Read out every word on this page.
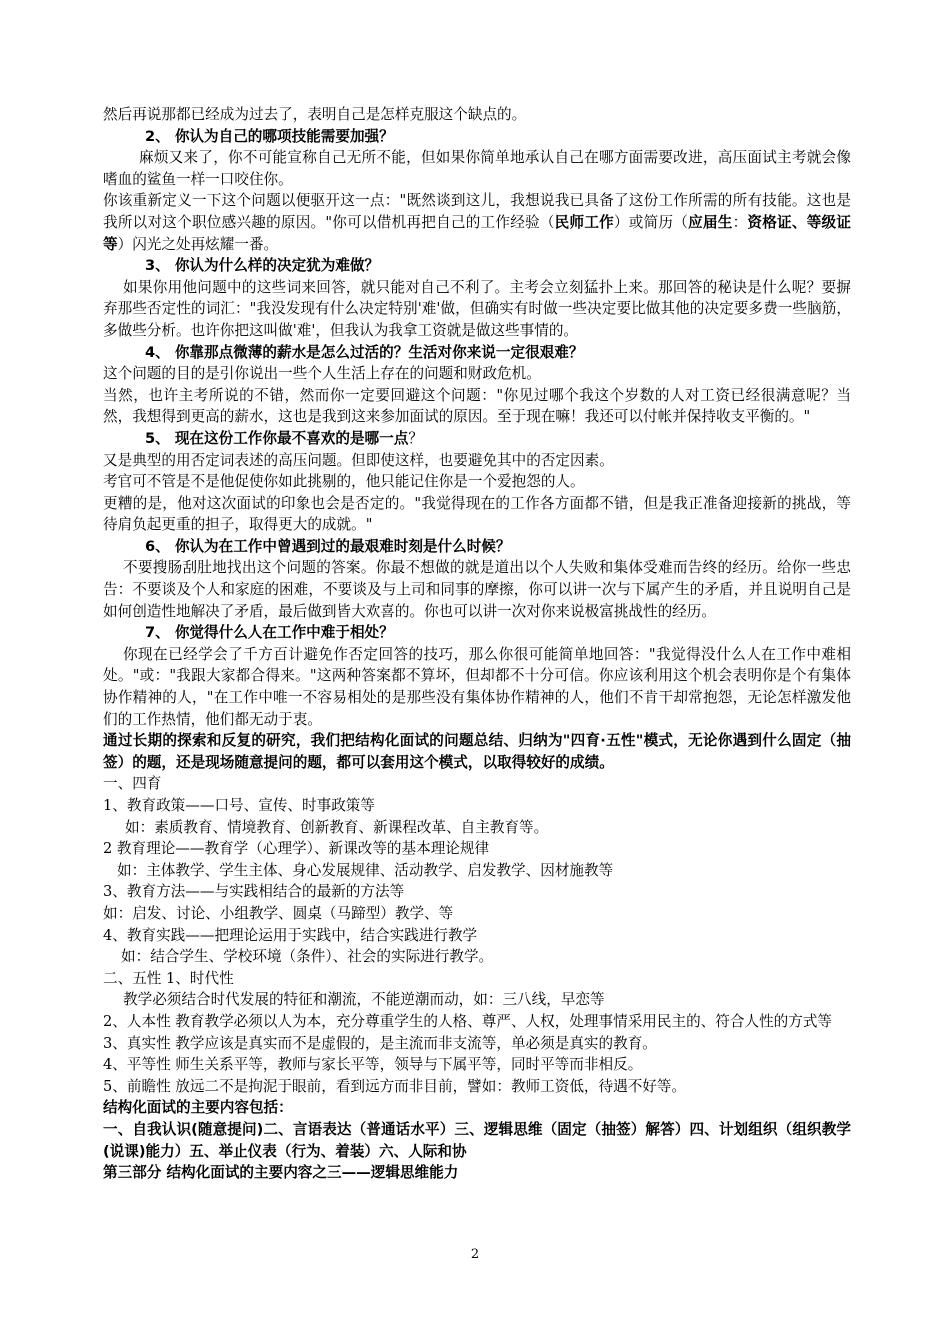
然后再说那都已经成为过去了，表明自己是怎样克服这个缺点的。

2、 你认为自己的哪项技能需要加强？

麻烦又来了，你不可能宣称自己无所不能，但如果你简单地承认自己在哪方面需要改进，高压面试主考就会像嗜血的鲨鱼一样一口咬住你。

你该重新定义一下这个问题以便驱开这一点："既然谈到这儿，我想说我已具备了这份工作所需的所有技能。这也是我所以对这个职位感兴趣的原因。"你可以借机再把自己的工作经验（民师工作）或简历（应届生：资格证、等级证等）闪光之处再炫耀一番。

3、 你认为什么样的决定犹为难做？

如果你用他问题中的这些词来回答，就只能对自己不利了。主考会立刻猛扑上来。那回答的秘诀是什么呢？要摒弃那些否定性的词汇："我没发现有什么决定特别'难'做，但确实有时做一些决定要比做其他的决定要多费一些脑筋，多做些分析。也许你把这叫做'难'，但我认为我拿工资就是做这些事情的。

4、 你靠那点微薄的薪水是怎么过活的？生活对你来说一定很艰难？

这个问题的目的是引你说出一些个人生活上存在的问题和财政危机。

当然，也许主考所说的不错，然而你一定要回避这个问题："你见过哪个我这个岁数的人对工资已经很满意呢？当然，我想得到更高的薪水，这也是我到这来参加面试的原因。至于现在嘛！我还可以付帐并保持收支平衡的。"

5、 现在这份工作你最不喜欢的是哪一点？

又是典型的用否定词表述的高压问题。但即使这样，也要避免其中的否定因素。

考官可不管是不是他促使你如此挑剔的，他只能记住你是一个爱抱怨的人。

更糟的是，他对这次面试的印象也会是否定的。"我觉得现在的工作各方面都不错，但是我正准备迎接新的挑战，等待肩负起更重的担子，取得更大的成就。"

6、 你认为在工作中曾遇到过的最艰难时刻是什么时候？

不要搜肠刮肚地找出这个问题的答案。你最不想做的就是道出以个人失败和集体受难而告终的经历。给你一些忠告：不要谈及个人和家庭的困难，不要谈及与上司和同事的摩擦，你可以讲一次与下属产生的矛盾，并且说明自己是如何创造性地解决了矛盾，最后做到皆大欢喜的。你也可以讲一次对你来说极富挑战性的经历。

7、 你觉得什么人在工作中难于相处？

你现在已经学会了千方百计避免作否定回答的技巧，那么你很可能简单地回答："我觉得没什么人在工作中难相处。"或："我跟大家都合得来。"这两种答案都不算坏，但却都不十分可信。你应该利用这个机会表明你是个有集体协作精神的人，"在工作中唯一不容易相处的是那些没有集体协作精神的人，他们不肯干却常抱怨，无论怎样激发他们的工作热情，他们都无动于衷。

通过长期的探索和反复的研究，我们把结构化面试的问题总结、归纳为"四育·五性"模式，无论你遇到什么固定（抽签）的题，还是现场随意提问的题，都可以套用这个模式，以取得较好的成绩。

一、四育

1、教育政策——口号、宣传、时事政策等

如：素质教育、情境教育、创新教育、新课程改革、自主教育等。

2 教育理论——教育学（心理学）、新课改等的基本理论规律

如：主体教学、学生主体、身心发展规律、活动教学、启发教学、因材施教等

3、教育方法——与实践相结合的最新的方法等

如：启发、讨论、小组教学、圆桌（马蹄型）教学、等

4、教育实践——把理论运用于实践中，结合实践进行教学

如：结合学生、学校环境（条件）、社会的实际进行教学。

二、五性 1、时代性

教学必须结合时代发展的特征和潮流，不能逆潮而动，如：三八线，早恋等

2、人本性 教育教学必须以人为本，充分尊重学生的人格、尊严、人权，处理事情采用民主的、符合人性的方式等

3、真实性 教学应该是真实而不是虚假的，是主流而非支流等，单必须是真实的教育。

4、平等性 师生关系平等，教师与家长平等，领导与下属平等，同时平等而非相反。

5、前瞻性 放远二不是拘泥于眼前，看到远方而非目前，譬如：教师工资低，待遇不好等。

结构化面试的主要内容包括：

一、自我认识(随意提问)二、言语表达（普通话水平）三、逻辑思维（固定（抽签）解答）四、计划组织（组织教学(说课)能力）五、举止仪表（行为、着装）六、人际和协

第三部分 结构化面试的主要内容之三——逻辑思维能力

2
